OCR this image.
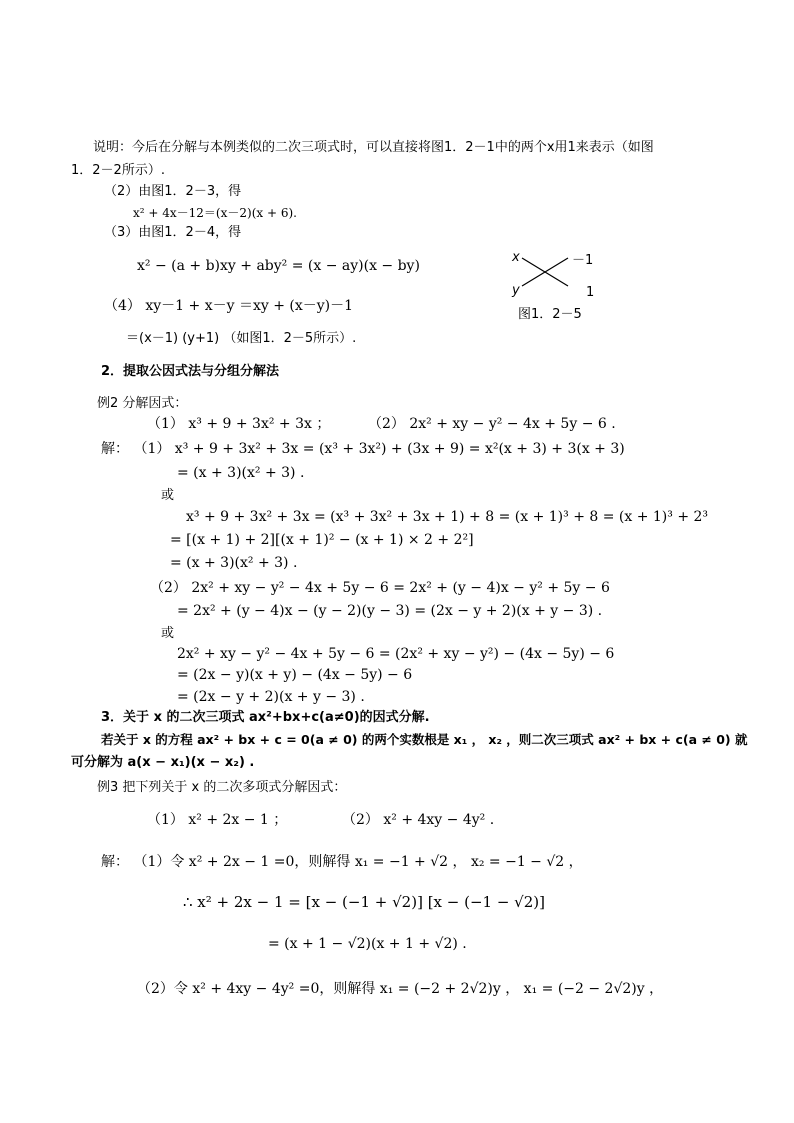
说明：今后在分解与本例类似的二次三项式时，可以直接将图1．2－1中的两个x用1来表示（如图
1．2－2所示）.
（2）由图1．2－3，得
x² + 4x－12＝(x－2)(x + 6).
（3）由图1．2－4，得
x² − (a + b)xy + aby² = (x − ay)(x − by)
（4） xy－1 + x－y ＝xy + (x－y)－1
＝(x－1) (y+1) （如图1．2－5所示）.
2．提取公因式法与分组分解法
例2 分解因式：
（1） x³ + 9 + 3x² + 3x ；	（2） 2x² + xy − y² − 4x + 5y − 6 .
解： （1） x³ + 9 + 3x² + 3x = (x³ + 3x²) + (3x + 9) = x²(x + 3) + 3(x + 3)
= (x + 3)(x² + 3) .
或
x³ + 9 + 3x² + 3x = (x³ + 3x² + 3x + 1) + 8 = (x + 1)³ + 8 = (x + 1)³ + 2³
= [(x + 1) + 2][(x + 1)² − (x + 1) × 2 + 2²]
= (x + 3)(x² + 3) .
（2） 2x² + xy − y² − 4x + 5y − 6 = 2x² + (y − 4)x − y² + 5y − 6
= 2x² + (y − 4)x − (y − 2)(y − 3) = (2x − y + 2)(x + y − 3) .
或
2x² + xy − y² − 4x + 5y − 6 = (2x² + xy − y²) − (4x − 5y) − 6
= (2x − y)(x + y) − (4x − 5y) − 6
= (2x − y + 2)(x + y − 3) .
3．关于 x 的二次三项式 ax²+bx+c(a≠0)的因式分解.
若关于 x 的方程 ax² + bx + c = 0(a ≠ 0) 的两个实数根是 x₁ ， x₂ ，则二次三项式 ax² + bx + c(a ≠ 0) 就
可分解为 a(x − x₁)(x − x₂) .
例3 把下列关于 x 的二次多项式分解因式：
（1） x² + 2x − 1 ；	（2） x² + 4xy − 4y² .
解： （1）令 x² + 2x − 1 =0，则解得 x₁ = −1 + √2 ， x₂ = −1 − √2 ，
∴ x² + 2x − 1 = [x − (−1 + √2)] [x − (−1 − √2)]
= (x + 1 − √2)(x + 1 + √2) .
（2）令 x² + 4xy − 4y² =0，则解得 x₁ = (−2 + 2√2)y ， x₁ = (−2 − 2√2)y ，
x
y
－1
1
图1．2－5
